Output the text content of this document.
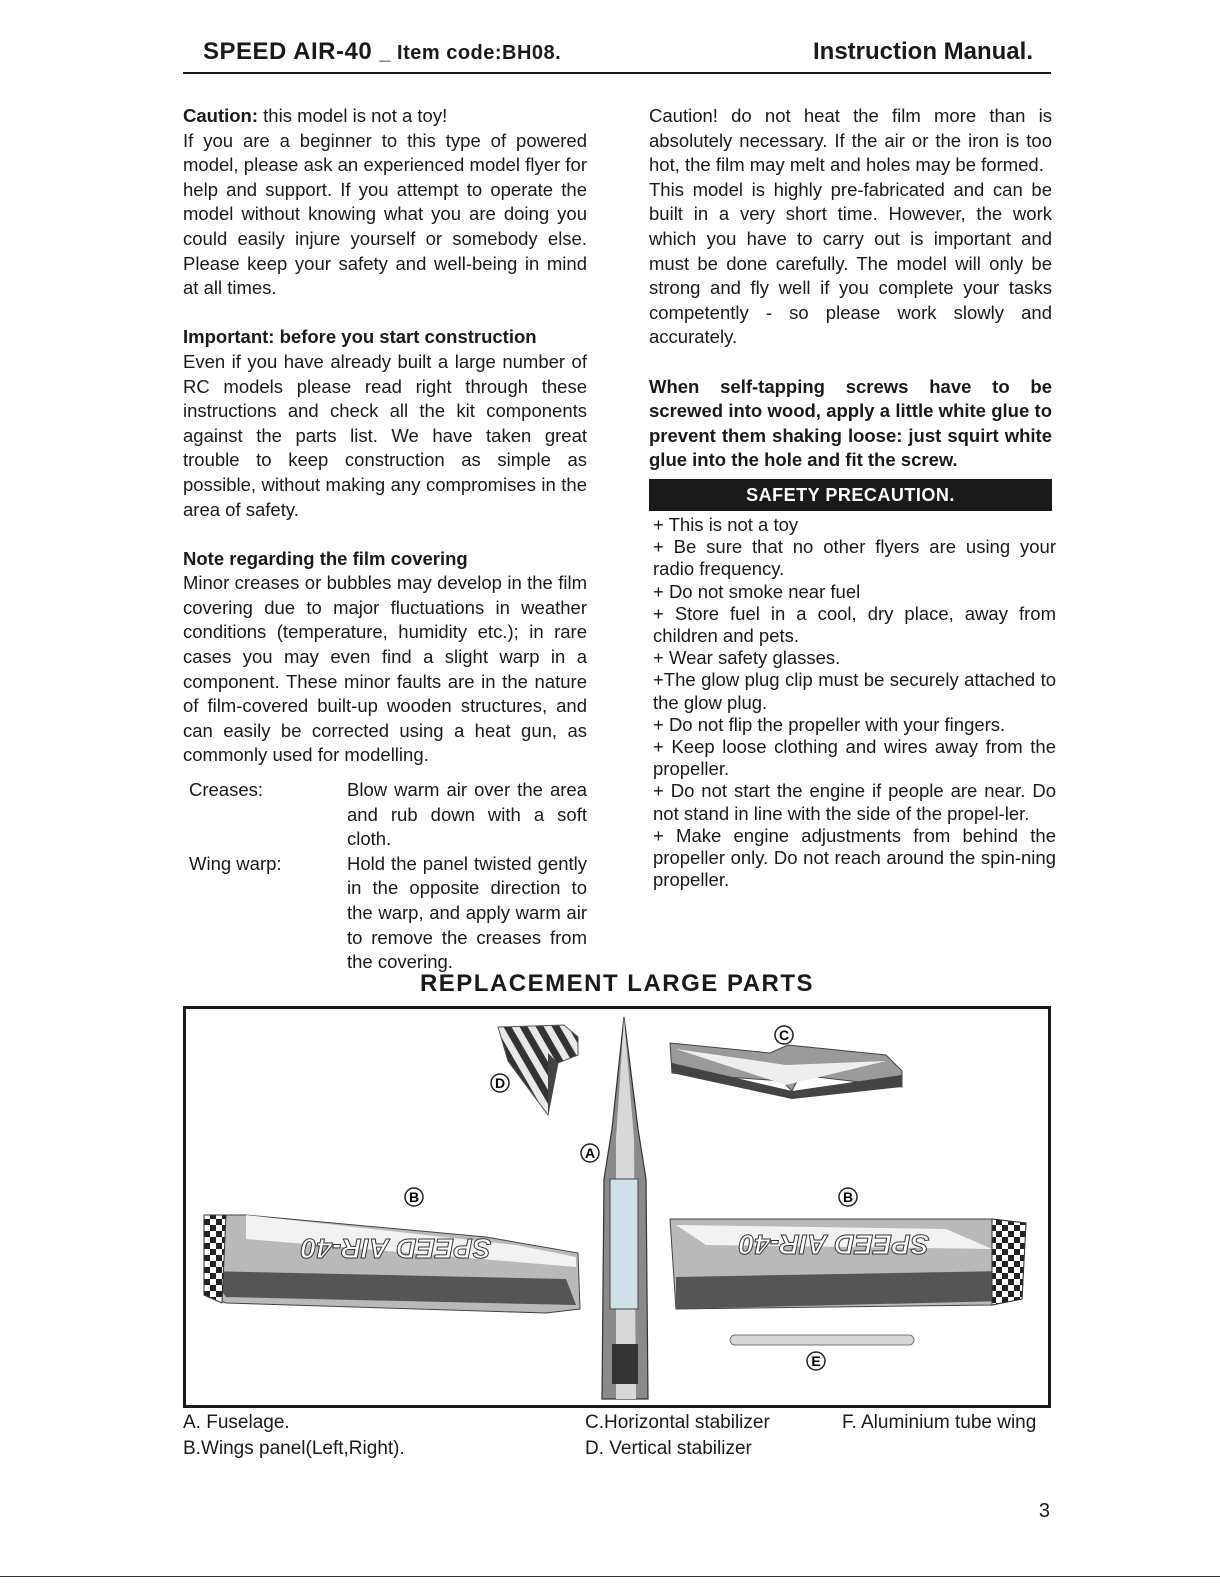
SPEED AIR-40 _ Item code:BH08.	Instruction Manual.

Caution: this model is not a toy!

If you are a beginner to this type of powered model, please ask an experienced model flyer for help and support. If you attempt to operate the model without knowing what you are doing you could easily injure yourself or somebody else. Please keep your safety and well-being in mind at all times.

Important: before you start construction

Even if you have already built a large number of RC models please read right through these instructions and check all the kit components against the parts list. We have taken great trouble to keep construction as simple as possible, without making any compromises in the area of safety.

Note regarding the film covering

Minor creases or bubbles may develop in the film covering due to major fluctuations in weather conditions (temperature, humidity etc.); in rare cases you may even find a slight warp in a component. These minor faults are in the nature of film-covered built-up wooden structures, and can easily be corrected using a heat gun, as commonly used for modelling.

Creases:	Blow warm air over the area and rub down with a soft cloth.
Wing warp:	Hold the panel twisted gently in the opposite direction to the warp, and apply warm air to remove the creases from the covering.

Caution! do not heat the film more than is absolutely necessary. If the air or the iron is too hot, the film may melt and holes may be formed.

This model is highly pre-fabricated and can be built in a very short time. However, the work which you have to carry out is important and must be done carefully. The model will only be strong and fly well if you complete your tasks competently - so please work slowly and accurately.

When self-tapping screws have to be screwed into wood, apply a little white glue to prevent them shaking loose: just squirt white glue into the hole and fit the screw.

SAFETY PRECAUTION.

+ This is not a toy

+ Be sure that no other flyers are using your radio frequency.

+ Do not smoke near fuel

+ Store fuel in a cool, dry place, away from children and pets.

+ Wear safety glasses.

+The glow plug clip must be securely attached to the glow plug.

+ Do not flip the propeller with your fingers.

+ Keep loose clothing and wires away from the propeller.

+ Do not start the engine if people are near. Do not stand in line with the side of the propel-ler.

+ Make engine adjustments from behind the propeller only. Do not reach around the spin-ning propeller.

REPLACEMENT LARGE PARTS
SPEED AIR-40	SPEED AIR-40
D
A
C
B	B
E
A. Fuselage.
B.Wings panel(Left,Right).
C.Horizontal stabilizer
D. Vertical stabilizer
F. Aluminium tube wing
3
